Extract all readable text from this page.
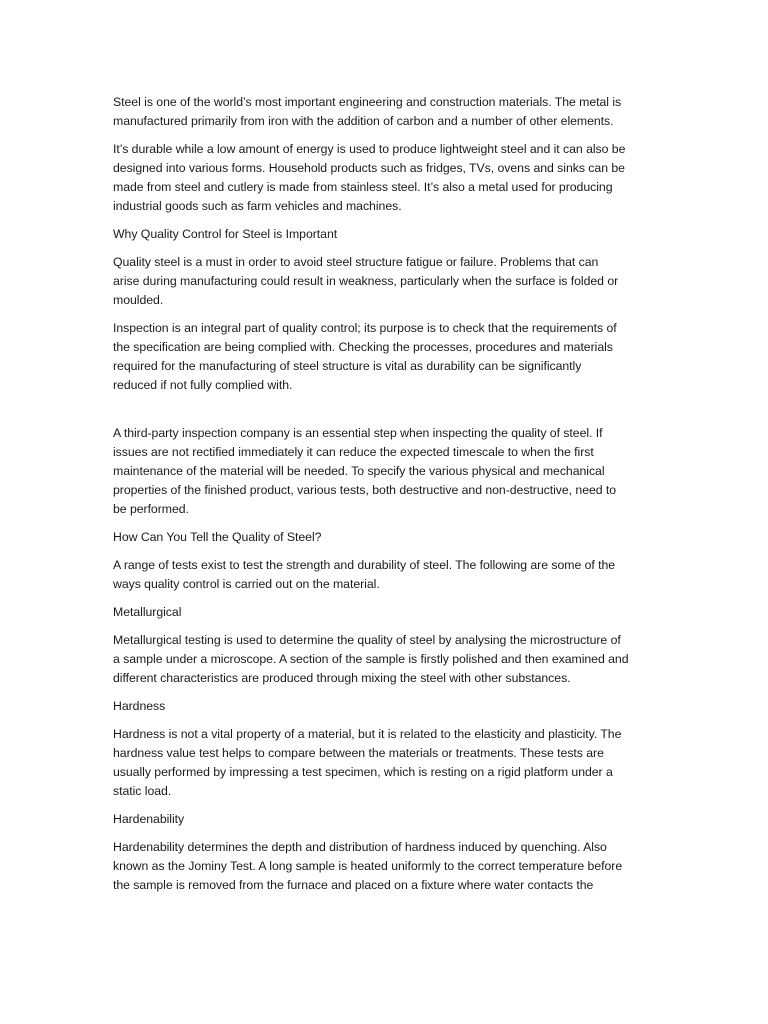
Steel is one of the world’s most important engineering and construction materials. The metal is
manufactured primarily from iron with the addition of carbon and a number of other elements.

It’s durable while a low amount of energy is used to produce lightweight steel and it can also be
designed into various forms. Household products such as fridges, TVs, ovens and sinks can be
made from steel and cutlery is made from stainless steel. It’s also a metal used for producing
industrial goods such as farm vehicles and machines.

Why Quality Control for Steel is Important

Quality steel is a must in order to avoid steel structure fatigue or failure. Problems that can
arise during manufacturing could result in weakness, particularly when the surface is folded or
moulded.

Inspection is an integral part of quality control; its purpose is to check that the requirements of
the specification are being complied with. Checking the processes, procedures and materials
required for the manufacturing of steel structure is vital as durability can be significantly
reduced if not fully complied with.

A third-party inspection company is an essential step when inspecting the quality of steel. If
issues are not rectified immediately it can reduce the expected timescale to when the first
maintenance of the material will be needed. To specify the various physical and mechanical
properties of the finished product, various tests, both destructive and non-destructive, need to
be performed.

How Can You Tell the Quality of Steel?

A range of tests exist to test the strength and durability of steel. The following are some of the
ways quality control is carried out on the material.

Metallurgical

Metallurgical testing is used to determine the quality of steel by analysing the microstructure of
a sample under a microscope. A section of the sample is firstly polished and then examined and
different characteristics are produced through mixing the steel with other substances.

Hardness

Hardness is not a vital property of a material, but it is related to the elasticity and plasticity. The
hardness value test helps to compare between the materials or treatments. These tests are
usually performed by impressing a test specimen, which is resting on a rigid platform under a
static load.

Hardenability

Hardenability determines the depth and distribution of hardness induced by quenching. Also
known as the Jominy Test. A long sample is heated uniformly to the correct temperature before
the sample is removed from the furnace and placed on a fixture where water contacts the
